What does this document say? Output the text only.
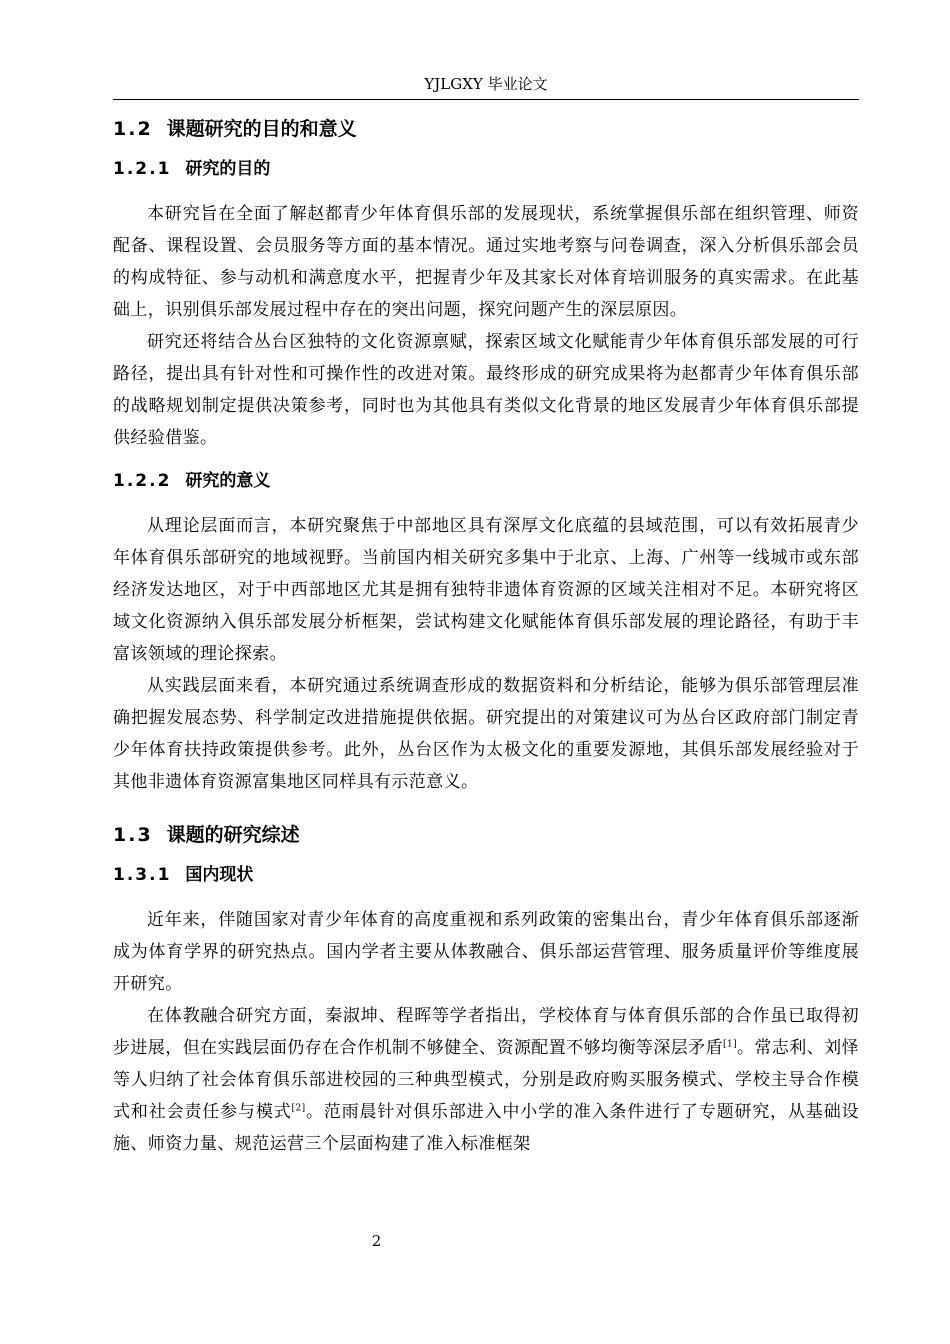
YJLGXY 毕业论文
1.2 课题研究的目的和意义
1.2.1 研究的目的

本研究旨在全面了解赵都青少年体育俱乐部的发展现状，系统掌握俱乐部在组织管理、师资配备、课程设置、会员服务等方面的基本情况。通过实地考察与问卷调查，深入分析俱乐部会员的构成特征、参与动机和满意度水平，把握青少年及其家长对体育培训服务的真实需求。在此基础上，识别俱乐部发展过程中存在的突出问题，探究问题产生的深层原因。

研究还将结合丛台区独特的文化资源禀赋，探索区域文化赋能青少年体育俱乐部发展的可行路径，提出具有针对性和可操作性的改进对策。最终形成的研究成果将为赵都青少年体育俱乐部的战略规划制定提供决策参考，同时也为其他具有类似文化背景的地区发展青少年体育俱乐部提供经验借鉴。

1.2.2 研究的意义

从理论层面而言，本研究聚焦于中部地区具有深厚文化底蕴的县域范围，可以有效拓展青少年体育俱乐部研究的地域视野。当前国内相关研究多集中于北京、上海、广州等一线城市或东部经济发达地区，对于中西部地区尤其是拥有独特非遗体育资源的区域关注相对不足。本研究将区域文化资源纳入俱乐部发展分析框架，尝试构建文化赋能体育俱乐部发展的理论路径，有助于丰富该领域的理论探索。

从实践层面来看，本研究通过系统调查形成的数据资料和分析结论，能够为俱乐部管理层准确把握发展态势、科学制定改进措施提供依据。研究提出的对策建议可为丛台区政府部门制定青少年体育扶持政策提供参考。此外，丛台区作为太极文化的重要发源地，其俱乐部发展经验对于其他非遗体育资源富集地区同样具有示范意义。

1.3 课题的研究综述
1.3.1 国内现状

近年来，伴随国家对青少年体育的高度重视和系列政策的密集出台，青少年体育俱乐部逐渐成为体育学界的研究热点。国内学者主要从体教融合、俱乐部运营管理、服务质量评价等维度展开研究。

在体教融合研究方面，秦淑坤、程晖等学者指出，学校体育与体育俱乐部的合作虽已取得初步进展，但在实践层面仍存在合作机制不够健全、资源配置不够均衡等深层矛盾[1]。常志利、刘怿等人归纳了社会体育俱乐部进校园的三种典型模式，分别是政府购买服务模式、学校主导合作模式和社会责任参与模式[2]。范雨晨针对俱乐部进入中小学的准入条件进行了专题研究，从基础设施、师资力量、规范运营三个层面构建了准入标准框架

2
